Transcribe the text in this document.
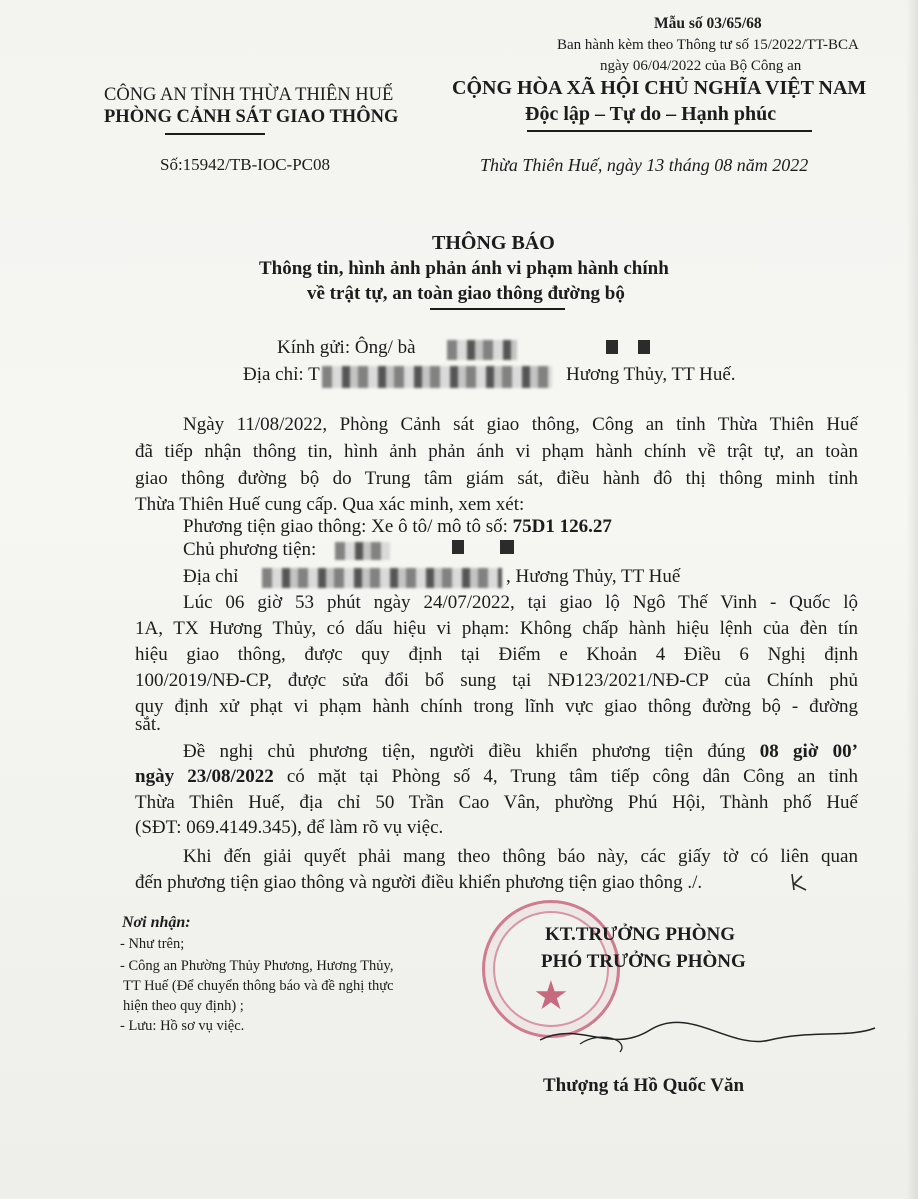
Mẫu số 03/65/68
Ban hành kèm theo Thông tư số 15/2022/TT-BCA
ngày 06/04/2022 của Bộ Công an
CÔNG AN TỈNH THỪA THIÊN HUẾ
PHÒNG CẢNH SÁT GIAO THÔNG
Số:15942/TB-IOC-PC08
CỘNG HÒA XÃ HỘI CHỦ NGHĨA VIỆT NAM
Độc lập – Tự do – Hạnh phúc
Thừa Thiên Huế, ngày 13 tháng 08 năm 2022
THÔNG BÁO
Thông tin, hình ảnh phản ánh vi phạm hành chính
về trật tự, an toàn giao thông đường bộ
Kính gửi: Ông/ bà
Địa chỉ: T	Hương Thủy, TT Huế.
Ngày 11/08/2022, Phòng Cảnh sát giao thông, Công an tỉnh Thừa Thiên Huế
đã tiếp nhận thông tin, hình ảnh phản ánh vi phạm hành chính về trật tự, an toàn
giao thông đường bộ do Trung tâm giám sát, điều hành đô thị thông minh tỉnh
Thừa Thiên Huế cung cấp. Qua xác minh, xem xét:
Phương tiện giao thông: Xe ô tô/ mô tô số: 75D1 126.27
Chủ phương tiện:
Địa chỉ	, Hương Thủy, TT Huế
Lúc 06 giờ 53 phút ngày 24/07/2022, tại giao lộ Ngô Thế Vinh - Quốc lộ
1A, TX Hương Thủy, có dấu hiệu vi phạm: Không chấp hành hiệu lệnh của đèn tín
hiệu giao thông, được quy định tại Điểm e Khoản 4 Điều 6 Nghị định
100/2019/NĐ-CP, được sửa đổi bổ sung tại NĐ123/2021/NĐ-CP của Chính phủ
quy định xử phạt vi phạm hành chính trong lĩnh vực giao thông đường bộ - đường
sắt.
Đề nghị chủ phương tiện, người điều khiển phương tiện đúng 08 giờ 00’
ngày 23/08/2022 có mặt tại Phòng số 4, Trung tâm tiếp công dân Công an tỉnh
Thừa Thiên Huế, địa chỉ 50 Trần Cao Vân, phường Phú Hội, Thành phố Huế
(SĐT: 069.4149.345), để làm rõ vụ việc.
Khi đến giải quyết phải mang theo thông báo này, các giấy tờ có liên quan
đến phương tiện giao thông và người điều khiển phương tiện giao thông ./.
Nơi nhận:
- Như trên;
- Công an Phường Thủy Phương, Hương Thủy,
TT Huế (Để chuyển thông báo và đề nghị thực
hiện theo quy định) ;
- Lưu: Hồ sơ vụ việc.
★
KT.TRƯỞNG PHÒNG
PHÓ TRƯỞNG PHÒNG
Thượng tá Hồ Quốc Văn
